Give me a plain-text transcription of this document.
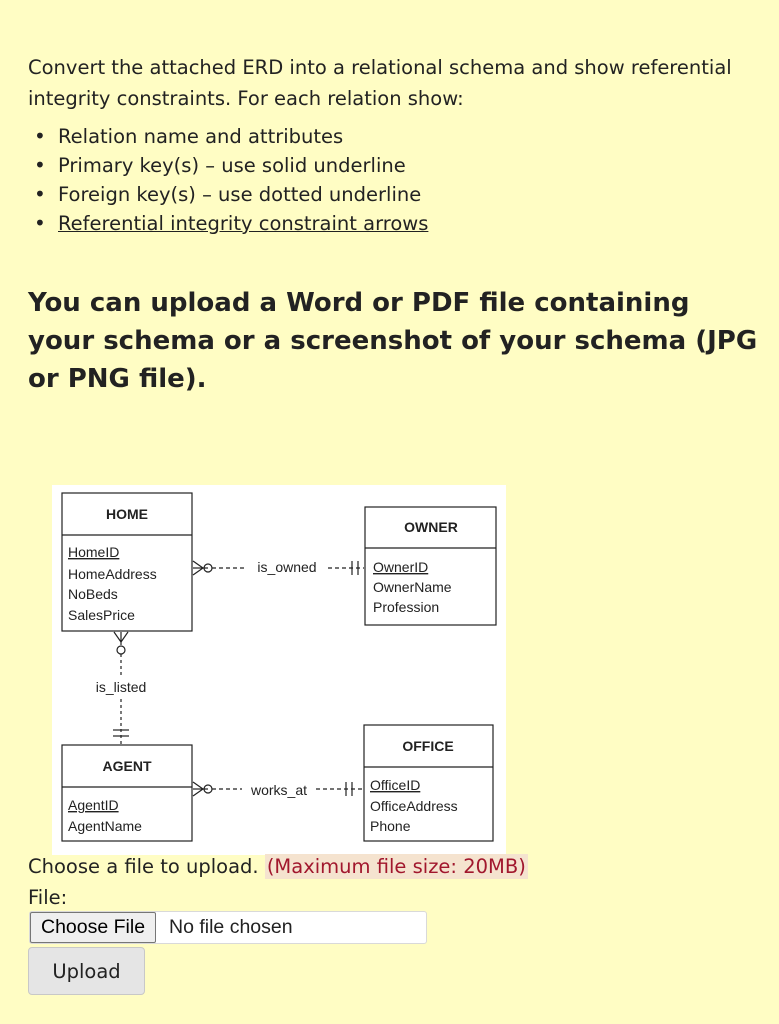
Convert the attached ERD into a relational schema and show referential integrity constraints. For each relation show:

• Relation name and attributes
• Primary key(s) – use solid underline
• Foreign key(s) – use dotted underline
• Referential integrity constraint arrows
You can upload a Word or PDF file containing your schema or a screenshot of your schema (JPG or PNG file).
HOME
HomeID
HomeAddress
NoBeds
SalesPrice
OWNER
OwnerID
OwnerName
Profession
AGENT
AgentID
AgentName
OFFICE
OfficeID
OfficeAddress
Phone
is_owned
is_listed
works_at
Choose a file to upload. (Maximum file size: 20MB)
File:
Choose File	No file chosen
Upload
